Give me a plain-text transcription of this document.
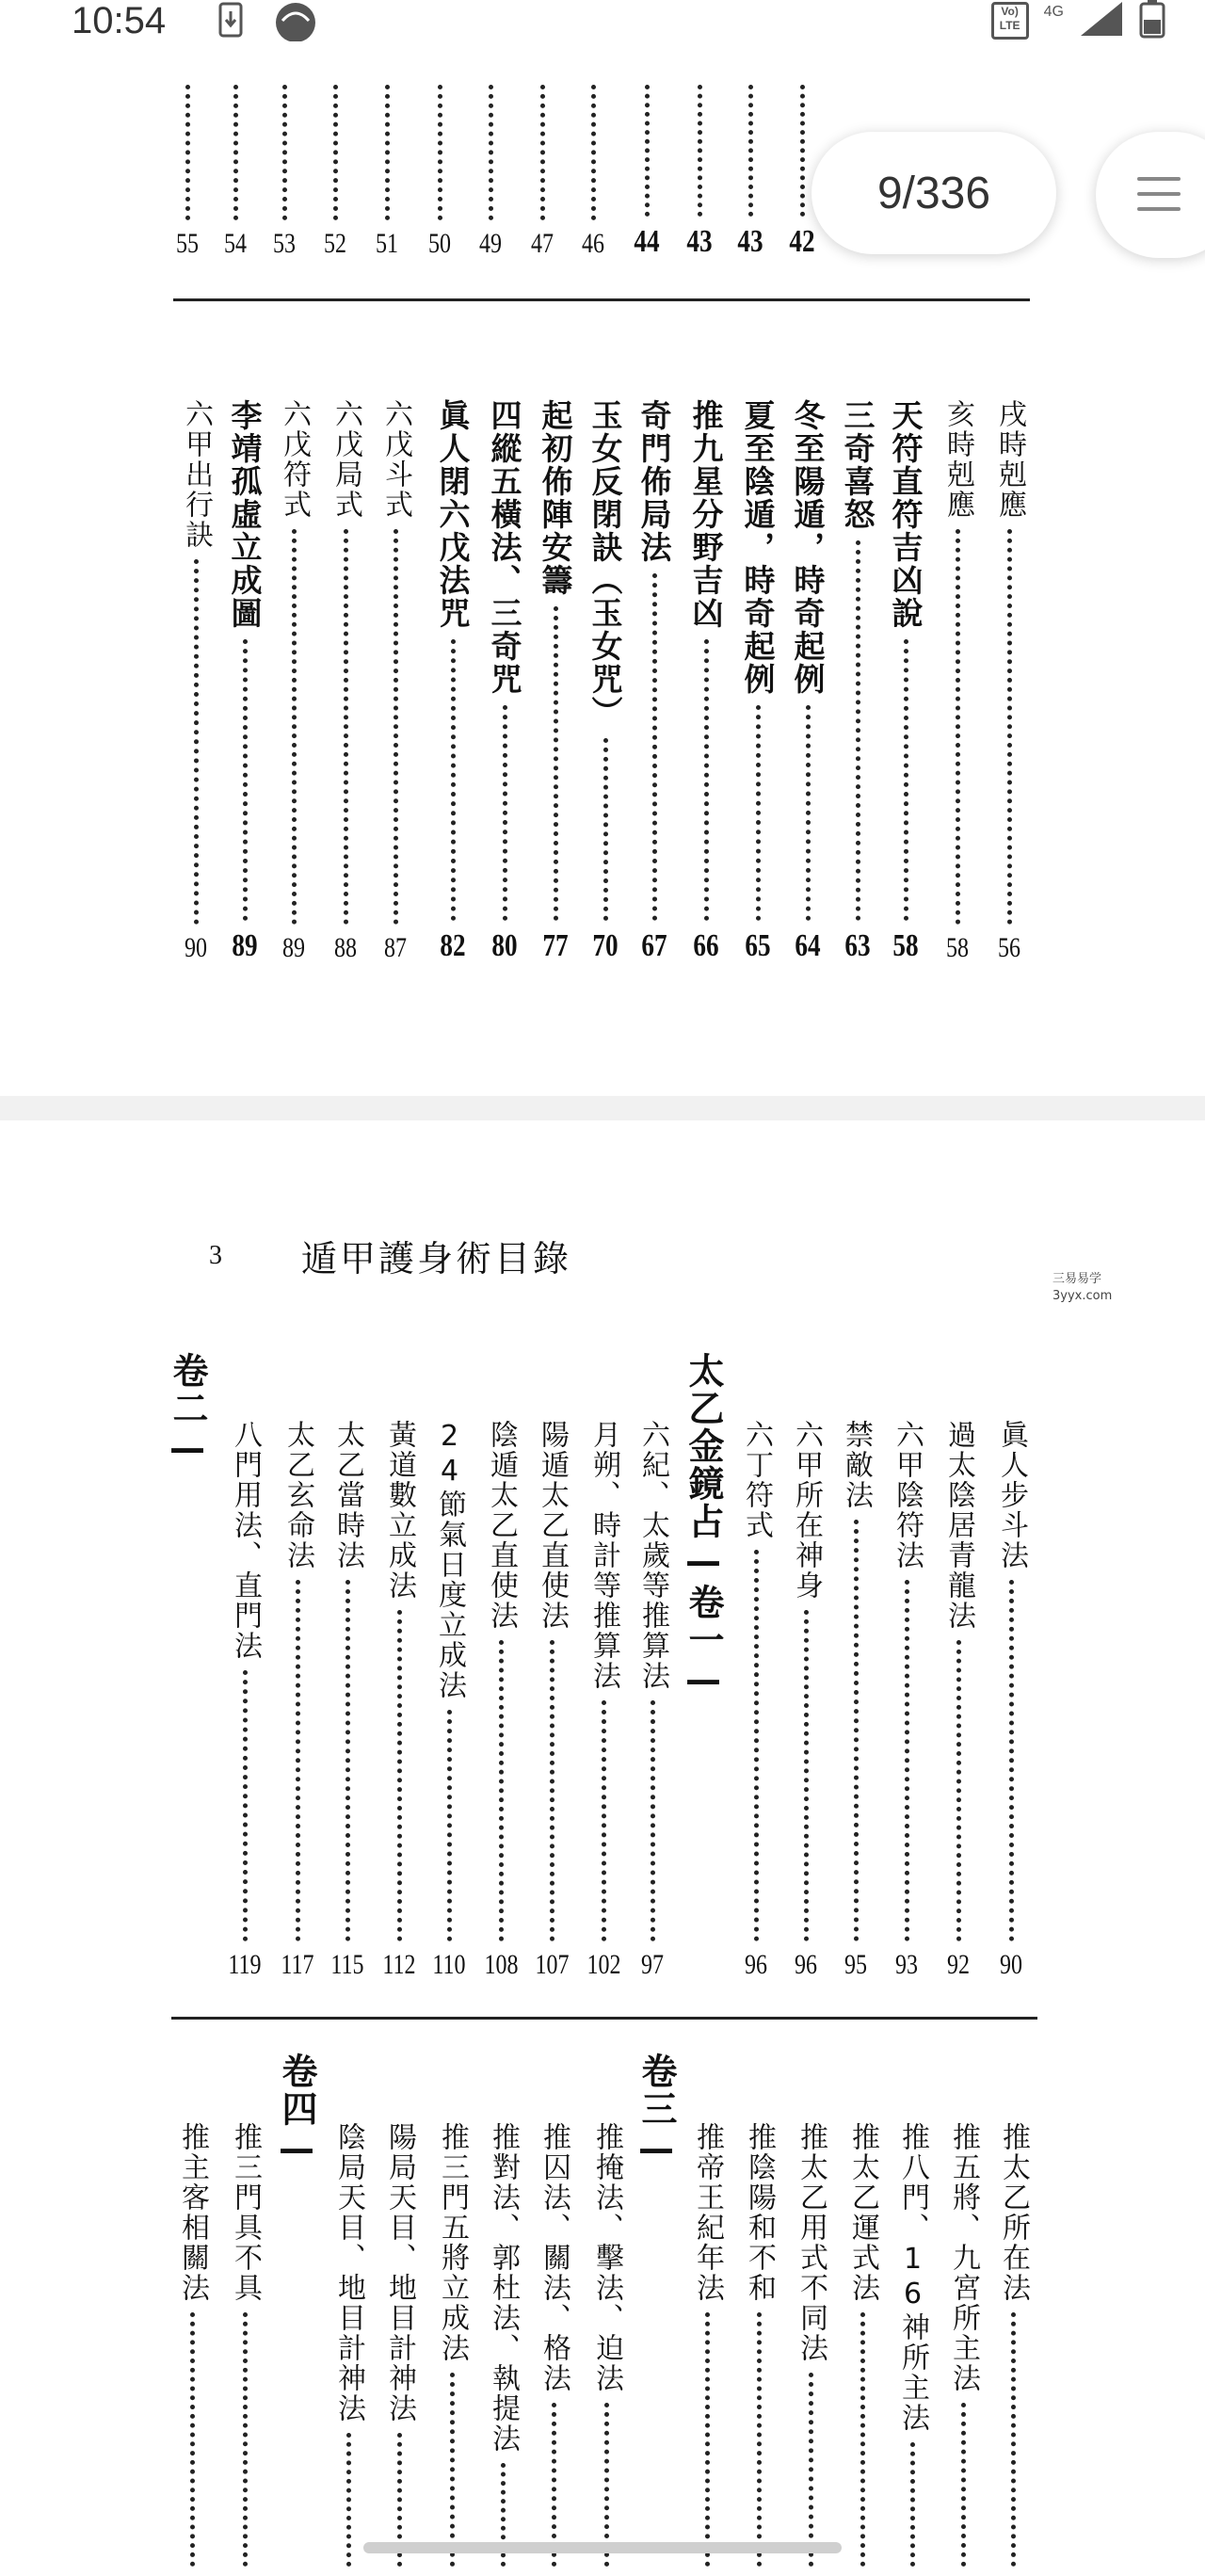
10:54	Vo)
LTE
4G
42
43
43
44
46
47
49
50
51
52
53
54
55
戌時剋應
56
亥時剋應
58
天符直符吉凶說
58
三奇喜怒
63
冬至陽遁，時奇起例
64
夏至陰遁，時奇起例
65
推九星分野吉凶
66
奇門佈局法
67
玉女反閉訣（玉女咒）
70
起初佈陣安籌
77
四縱五橫法、三奇咒
80
眞人閉六戊法咒
82
六戊斗式
87
六戊局式
88
六戊符式
89
李靖孤虛立成圖
89
六甲出行訣
90
3 遁甲護身術目錄	三易易学
3yyx.com
眞人步斗法
90
過太陰居青龍法
92
六甲陰符法
93
禁敵法
95
六甲所在神身
96
六丁符式
96
太乙金鏡占—卷一—
六紀、太歲等推算法
97
月朔、時計等推算法
102
陽遁太乙直使法
107
陰遁太乙直使法
108
24節氣日度立成法
110
黃道數立成法
112
太乙當時法
115
太乙玄命法
117
八門用法、直門法
119
卷二—
推太乙所在法
推五將、九宮所主法
推八門、16神所主法
推太乙運式法
推太乙用式不同法
推陰陽和不和
推帝王紀年法
卷三—
推掩法、擊法、迫法
推囚法、關法、格法
推對法、郭杜法、執提法
推三門五將立成法
陽局天目、地目計神法
陰局天目、地目計神法
卷四—
推三門具不具
推主客相關法
9/336
